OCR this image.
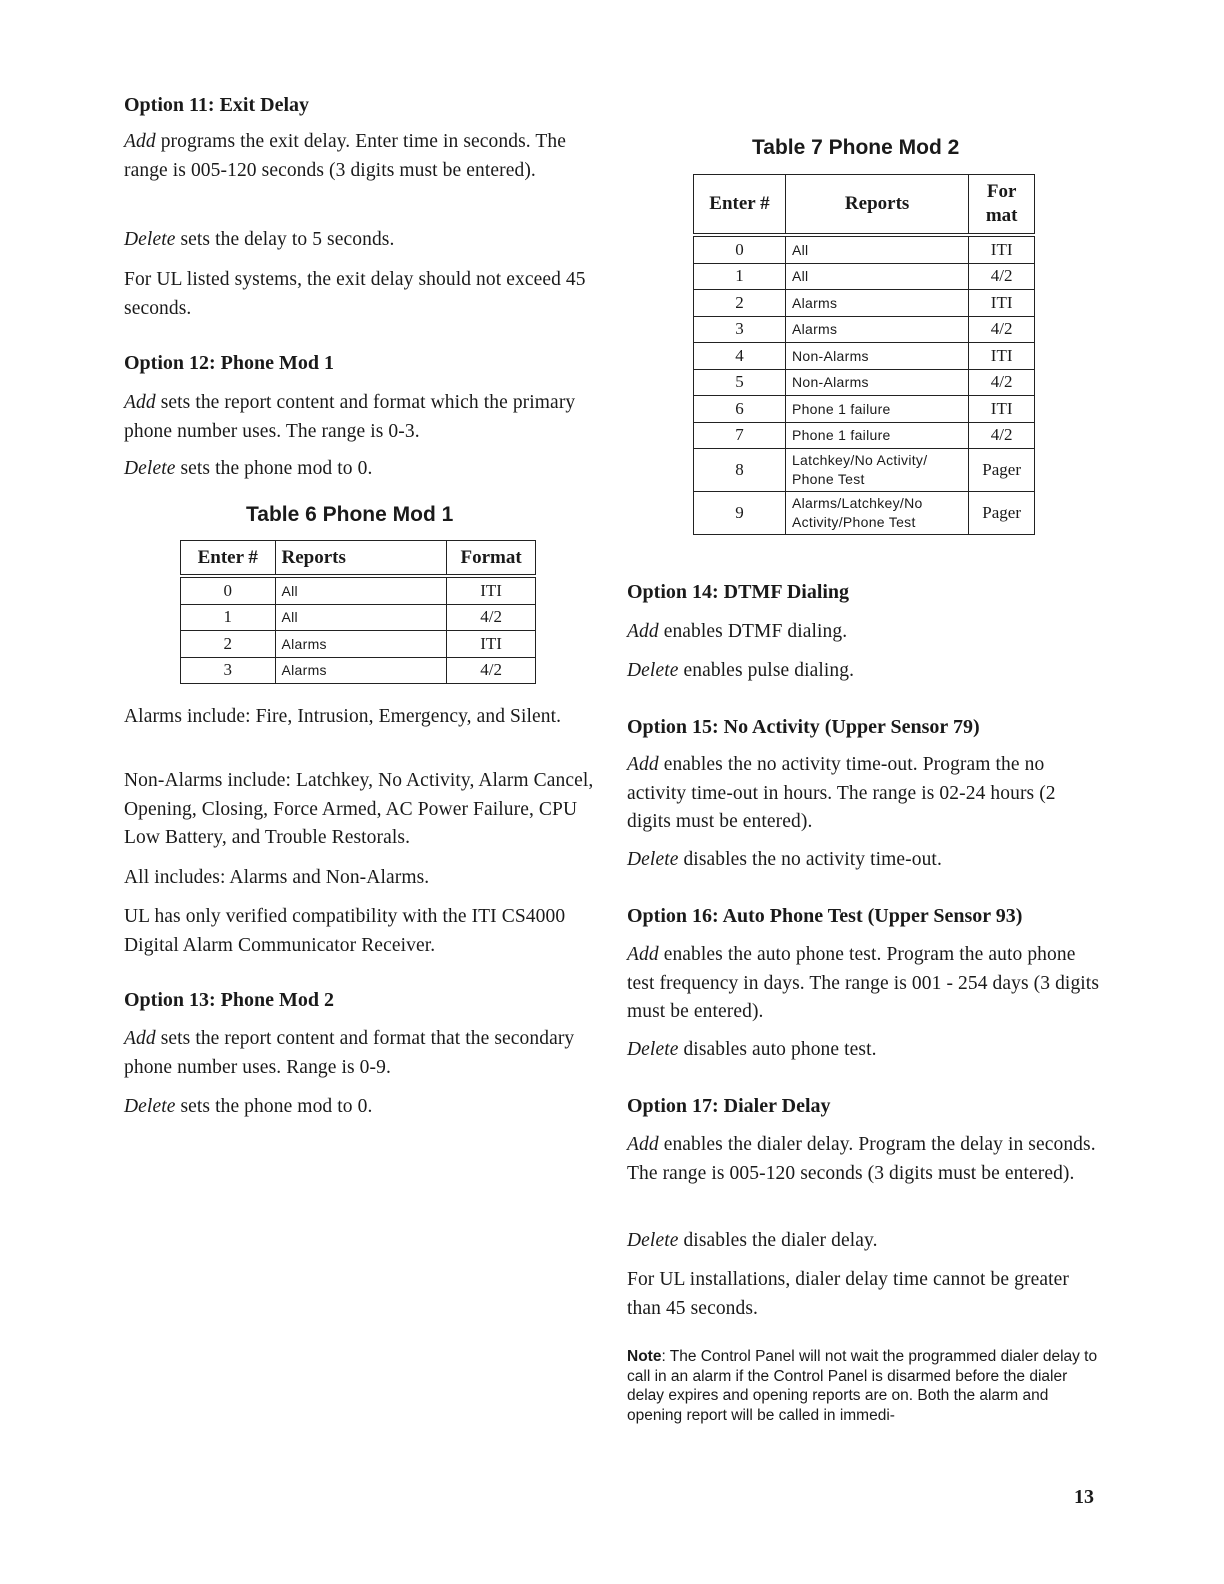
Option 11: Exit Delay

Add programs the exit delay. Enter time in seconds. The range is 005-120 seconds (3 digits must be entered).

Delete sets the delay to 5 seconds.

For UL listed systems, the exit delay should not exceed 45 seconds.

Option 12: Phone Mod 1

Add sets the report content and format which the primary phone number uses. The range is 0-3.

Delete sets the phone mod to 0.

Table 6 Phone Mod 1
Enter #	Reports	Format
0	All	ITI
1	All	4/2
2	Alarms	ITI
3	Alarms	4/2

Alarms include: Fire, Intrusion, Emergency, and Silent.

Non-Alarms include: Latchkey, No Activity, Alarm Cancel, Opening, Closing, Force Armed, AC Power Failure, CPU Low Battery, and Trouble Restorals.

All includes: Alarms and Non-Alarms.

UL has only verified compatibility with the ITI CS4000 Digital Alarm Communicator Receiver.

Option 13: Phone Mod 2

Add sets the report content and format that the secondary phone number uses. Range is 0-9.

Delete sets the phone mod to 0.

Table 7 Phone Mod 2
Enter #	Reports	Format
0	All	ITI
1	All	4/2
2	Alarms	ITI
3	Alarms	4/2
4	Non-Alarms	ITI
5	Non-Alarms	4/2
6	Phone 1 failure	ITI
7	Phone 1 failure	4/2
8	Latchkey/No Activity/ Phone Test	Pager
9	Alarms/Latchkey/No Activity/Phone Test	Pager
Option 14: DTMF Dialing

Add enables DTMF dialing.

Delete enables pulse dialing.

Option 15: No Activity (Upper Sensor 79)

Add enables the no activity time-out. Program the no activity time-out in hours. The range is 02-24 hours (2 digits must be entered).

Delete disables the no activity time-out.

Option 16: Auto Phone Test (Upper Sensor 93)

Add enables the auto phone test. Program the auto phone test frequency in days. The range is 001 - 254 days (3 digits must be entered).

Delete disables auto phone test.

Option 17: Dialer Delay

Add enables the dialer delay. Program the delay in seconds. The range is 005-120 seconds (3 digits must be entered).

Delete disables the dialer delay.

For UL installations, dialer delay time cannot be greater than 45 seconds.

Note: The Control Panel will not wait the programmed dialer delay to call in an alarm if the Control Panel is disarmed before the dialer delay expires and opening reports are on. Both the alarm and opening report will be called in immedi-
13
